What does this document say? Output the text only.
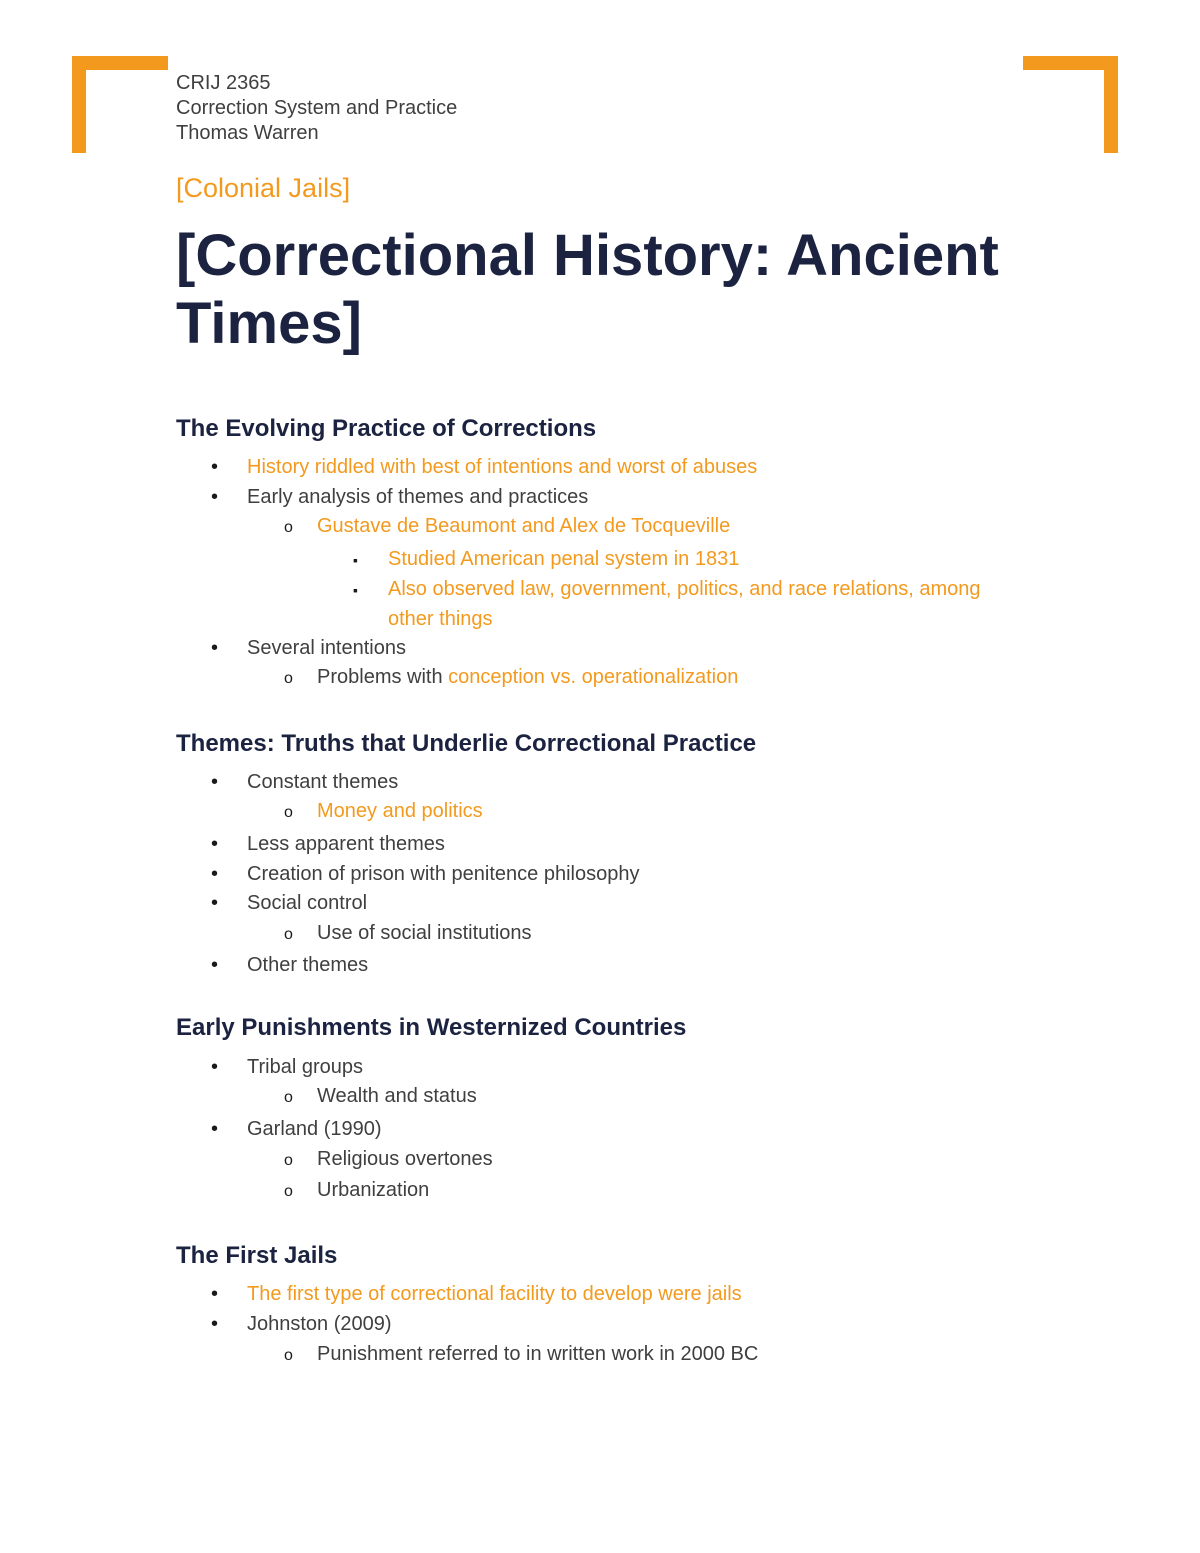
CRIJ 2365
Correction System and Practice
Thomas Warren
[Colonial Jails]
[Correctional History: Ancient Times]
The Evolving Practice of Corrections
• History riddled with best of intentions and worst of abuses
• Early analysis of themes and practices
o Gustave de Beaumont and Alex de Tocqueville
▪ Studied American penal system in 1831
▪ Also observed law, government, politics, and race relations, among other things
• Several intentions
o Problems with conception vs. operationalization
Themes: Truths that Underlie Correctional Practice
• Constant themes
o Money and politics
• Less apparent themes
• Creation of prison with penitence philosophy
• Social control
o Use of social institutions
• Other themes
Early Punishments in Westernized Countries
• Tribal groups
o Wealth and status
• Garland (1990)
o Religious overtones
o Urbanization
The First Jails
• The first type of correctional facility to develop were jails
• Johnston (2009)
o Punishment referred to in written work in 2000 BC
